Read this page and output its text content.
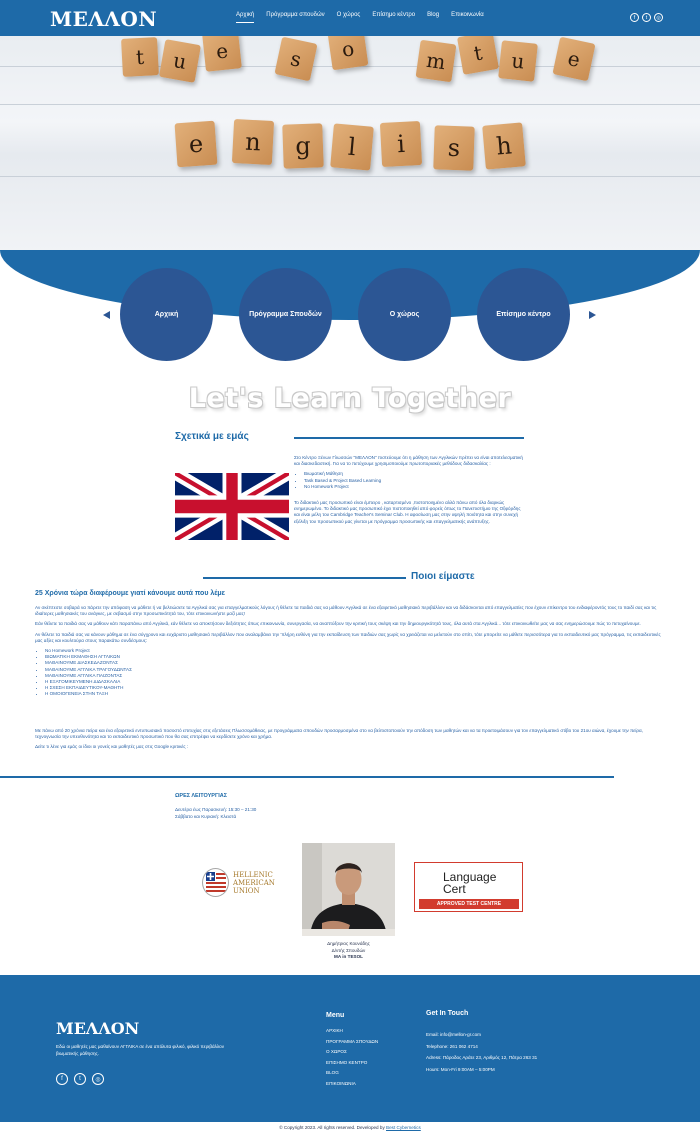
ΜΕΛΛΟΝ	Αρχική Πρόγραμμα σπουδών Ο χώρος Επίσημο κέντρο Blog Επικοινωνία	f	t	◎
t	u	e	s	o	m	t	u	e
e	n	g	l	i	s	h
Αρχική	Πρόγραμμα Σπουδών	Ο χώρος	Επίσημο κέντρο
Let's Learn Together
Σχετικά με εμάς

Στο Κέντρο Ξένων Γλωσσών "ΜΕΛΛΟΝ" πιστεύουμε ότι η μάθηση των Αγγλικών πρέπει να είναι αποτελεσματική και διασκεδαστική. Για να το πετύχουμε χρησιμοποιούμε πρωτοποριακές μεθόδους διδασκαλίας :

• Βιωματική Μάθηση
• Task Based & Project Based Learning
• No Homework Project

Το διδακτικό μας προσωπικό είναι έμπειρο , καταρτισμένο ,πιστοποιημένο αλλά πάνω από όλα διαρκώς ενημερωμένο. Το διδακτικό μας προσωπικό έχει πιστοποιηθεί από φορείς όπως το Πανεπιστήμιο της Οξφόρδης και είναι μέλη του Cambridge Teacher's Seminar Club. Η αφοσίωση μας στην υψηλή ποιότητα και στην συνεχή εξέλιξη του προσωπικού μας γίνεται με πρόγραμμα προσωπικής και επαγγελματικής ανάπτυξης.

Ποιοι είμαστε
25 Χρόνια τώρα διαφέρουμε γιατί κάνουμε αυτά που λέμε

Αν σκέπτεστε σοβαρά να πάρετε την απόφαση να μάθετε ή να βελτιώσετε τα Αγγλικά σας για επαγγελματικούς λόγους ή θέλετε τα παιδιά σας να μάθουν Αγγλικά σε ένα εξαιρετικό μαθησιακό περιβάλλον και να διδάσκονται από επαγγελματίες που έχουν επίκεντρο του ενδιαφέροντός τους το παιδί σας και τις ιδιαίτερες μαθησιακές του ανάγκες, με σεβασμό στην προσωπικότητά του, τότε επικοινωνήστε μαζί μας!

Εάν θέλετε τα παιδιά σας να μάθουν κάτι παραπάνω από Αγγλικά, εάν θέλετε να αποκτήσουν δεξιότητες όπως επικοινωνία, συνεργασία, να αναπτύξουν την κριτική τους σκέψη και την δημιουργικότητά τους, όλα αυτά στα Αγγλικά... τότε επικοινωθείτε μας να σας ενημερώσουμε πώς το πετυχαίνουμε.

Αν θέλετε τα παιδιά σας να κάνουν μάθημα σε ένα σύγχρονο και ευχάριστο μαθησιακό περιβάλλον που αναλαμβάνει την 'πλήρη ευθύνη για την εκπαίδευση των παιδιών σας χωρίς να χρειάζεται να μελετούν στο σπίτι, τότε μπορείτε να μάθετε περισσότερα για το εκπαιδευτικό μας πρόγραμμα, τις εκπαιδευτικές μας αξίες και κουλτούρα στους παρακάτω συνδέσμους:

• No Homework Project
• ΒΙΩΜΑΤΙΚΗ ΕΚΜΑΘΗΣΗ ΑΓΓΛΙΚΩΝ
• ΜΑΘΑΙΝΟΥΜΕ ΔΙΑΣΚΕΔΑΖΟΝΤΑΣ
• ΜΑΘΑΙΝΟΥΜΕ ΑΓΓΛΙΚΑ ΤΡΑΓΟΥΔΩΝΤΑΣ
• ΜΑΘΑΙΝΟΥΜΕ ΑΓΓΛΙΚΑ ΠΑΙΖΟΝΤΑΣ
• Η ΕΞΑΤΟΜΙΚΕΥΜΕΝΗ ΔΙΔΑΣΚΑΛΙΑ
• Η ΣΧΕΣΗ ΕΚΠΑΙΔΕΥΤΙΚΟΥ-ΜΑΘΗΤΗ
• Η ΟΜΟΙΟΓΕΝΕΙΑ ΣΤΗΝ ΤΑΞΗ

Με πάνω από 20 χρόνια πείρα και ένα εξαιρετικό εντυπωσιακό ποσοστό επιτυχίας στις εξετάσεις Πλωσσομάθειας, με προγράμματα σπουδών προσαρμοσμένα στο να βελτιστοποιούν την απόδοση των μαθητών και να τα προετοιμάσουν για τον επαγγελματικό στίβο του 21ου αιώνα, έχουμε την πείρα, τεχνογνωσία την υπευθυνότητα και το εκπαιδευτικό προσωπικό που θα σας επιτρέψει να κερδίσετε χρόνο και χρήμα.

Δείτε τι λένε για εμάς οι ίδιοι οι γονείς και μαθητές μας στις Google κριτικές :

ΩΡΕΣ ΛΕΙΤΟΥΡΓΙΑΣ
Δευτέρα έως Παρασκευή: 15:30 – 21:30
Σάββατο και Κυριακή: Κλειστά
HELLENIC
AMERICAN
UNION
Δημήτριος Κουνάδης
Δ/ντής Σπουδών
MA in TESOL
Language
Cert
APPROVED TEST CENTRE
ΜΕΛΛΟΝ
Εδώ οι μαθητές μας μαθαίνουν ΑΓΓΛΙΚΑ σε ένα απόλυτα φιλικό, φιλικό περιβάλλον βιωματικής μάθησης.
f	t	◎
Menu
ΑΡΧΙΚΗ
ΠΡΟΓΡΑΜΜΑ ΣΠΟΥΔΩΝ
Ο ΧΩΡΟΣ
ΕΠΙΣΗΜΟ ΚΕΝΤΡΟ
BLOG
ΕΠΙΚΟΙΝΩΝΙΑ
Get In Touch
Email: info@mellon-gr.com
Telephone: 261 062 4714
Adress: Πάροδος Αράτε 23, Αριθμός 12, Πάτρα 263 31
Hours: Mon-Fri 9:00AM – 5:00PM
© Copyright 2023. All rights reserved. Developed by Best Cybernetics
